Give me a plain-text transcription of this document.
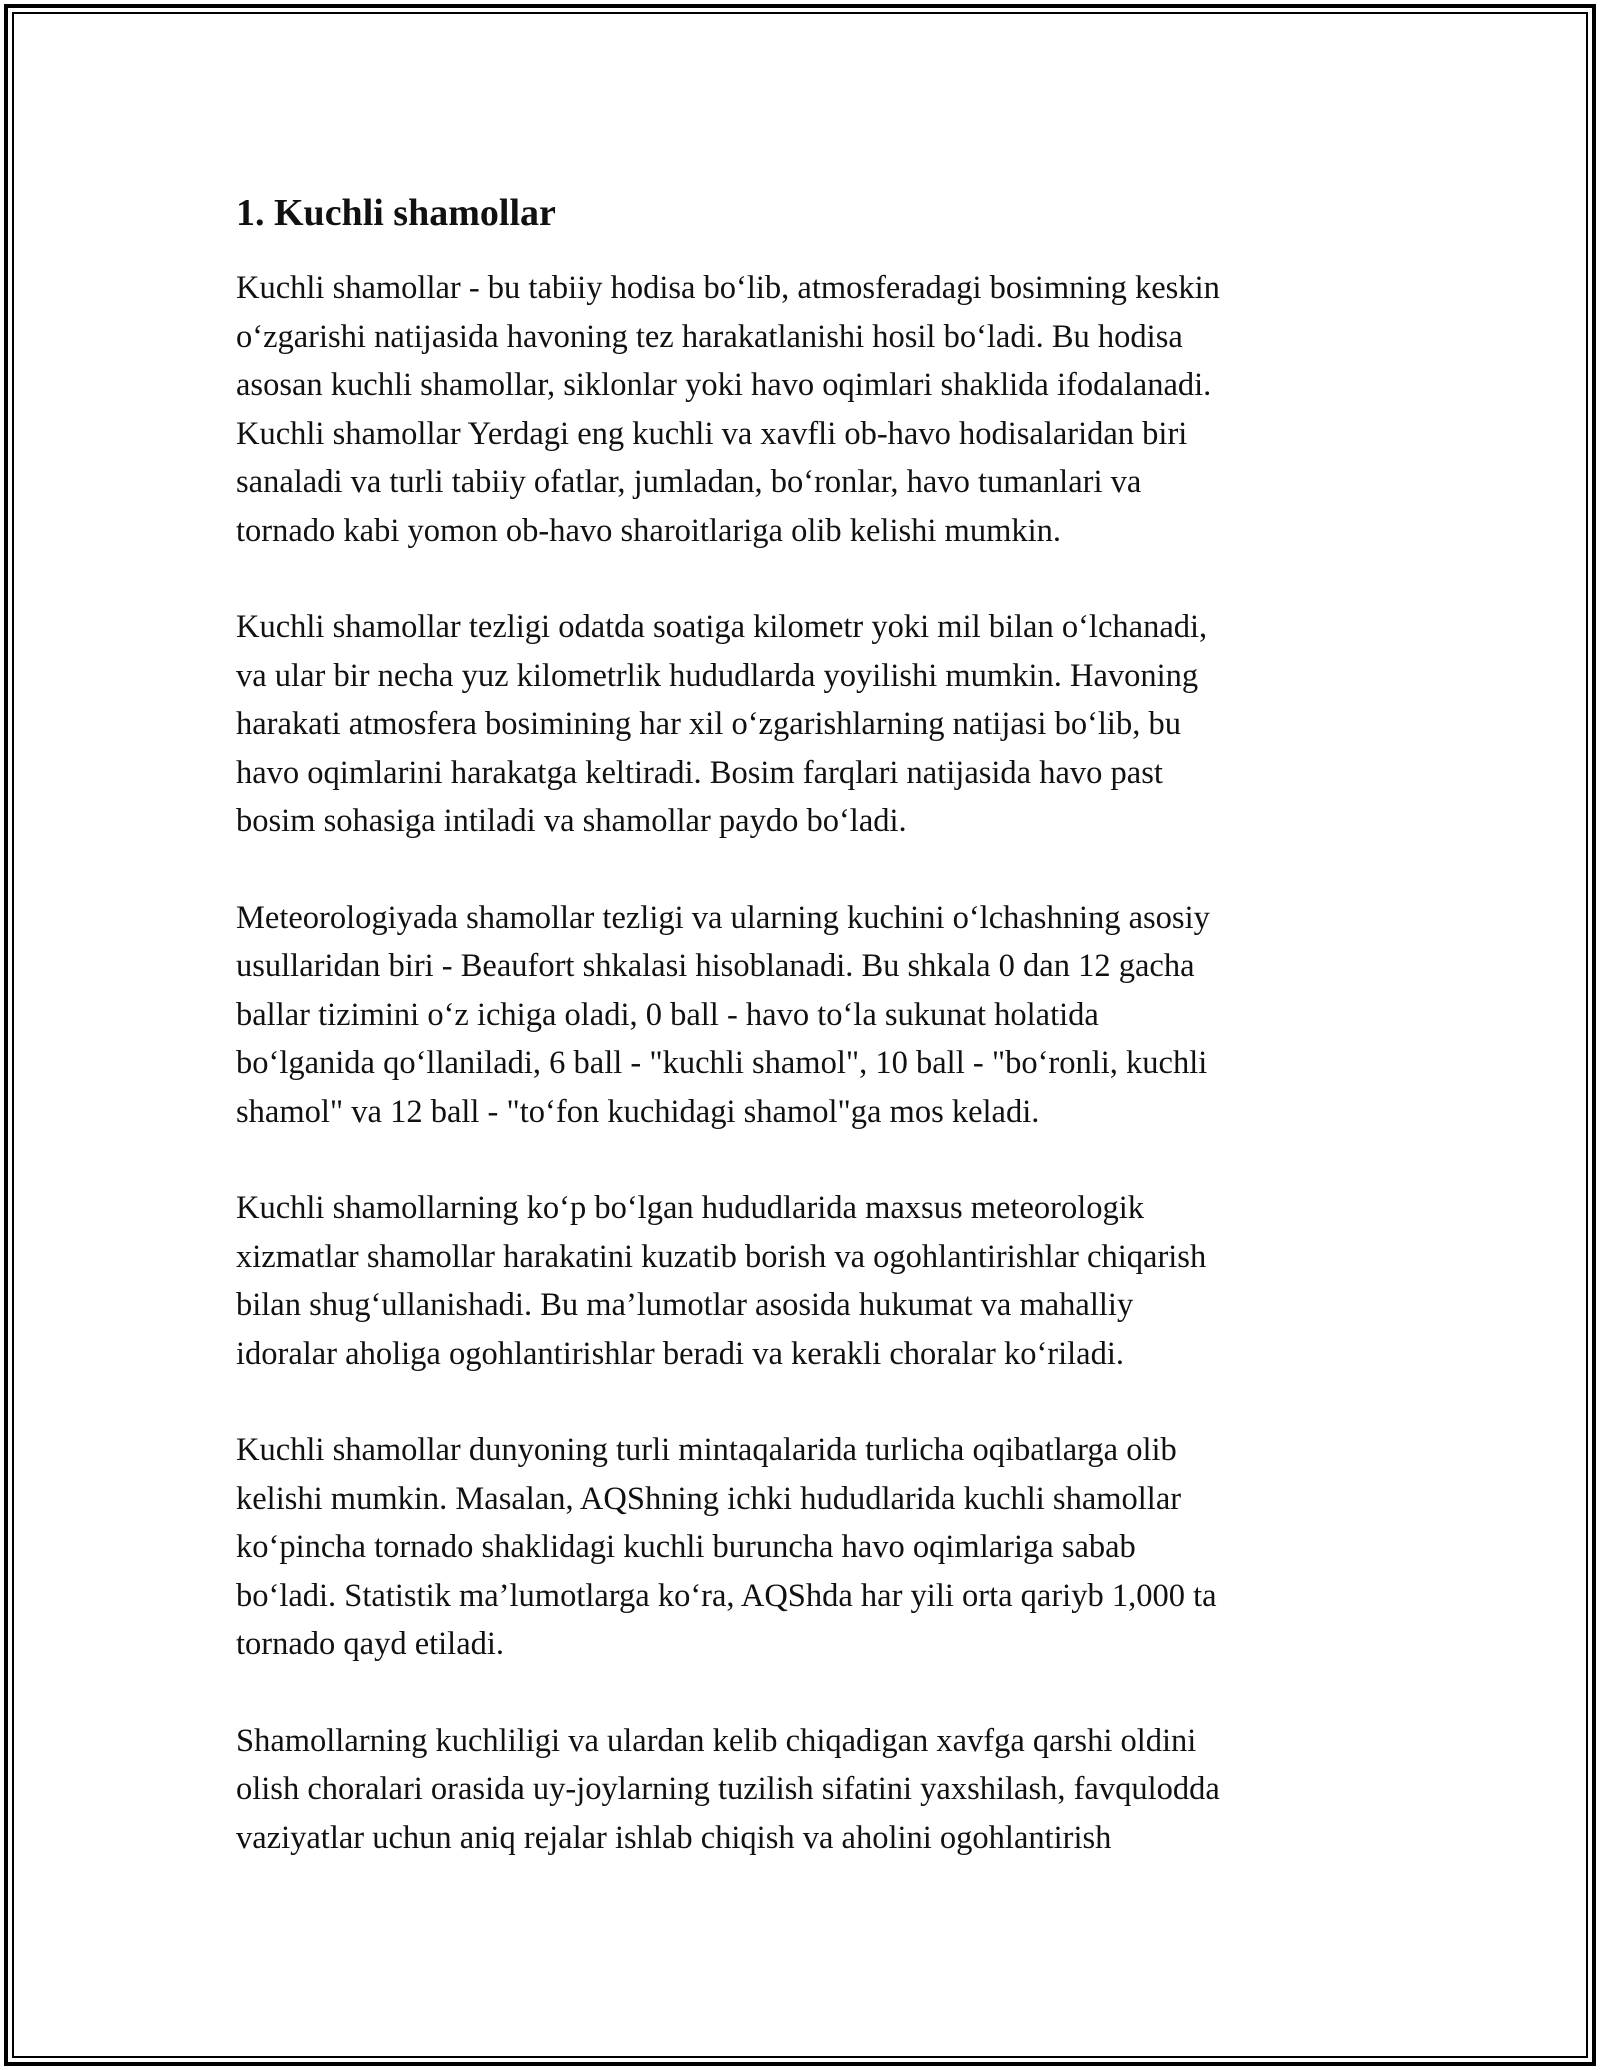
1. Kuchli shamollar

Kuchli shamollar - bu tabiiy hodisa bo‘lib, atmosferadagi bosimning keskin
o‘zgarishi natijasida havoning tez harakatlanishi hosil bo‘ladi. Bu hodisa
asosan kuchli shamollar, siklonlar yoki havo oqimlari shaklida ifodalanadi.
Kuchli shamollar Yerdagi eng kuchli va xavfli ob-havo hodisalaridan biri
sanaladi va turli tabiiy ofatlar, jumladan, bo‘ronlar, havo tumanlari va
tornado kabi yomon ob-havo sharoitlariga olib kelishi mumkin.

Kuchli shamollar tezligi odatda soatiga kilometr yoki mil bilan o‘lchanadi,
va ular bir necha yuz kilometrlik hududlarda yoyilishi mumkin. Havoning
harakati atmosfera bosimining har xil o‘zgarishlarning natijasi bo‘lib, bu
havo oqimlarini harakatga keltiradi. Bosim farqlari natijasida havo past
bosim sohasiga intiladi va shamollar paydo bo‘ladi.

Meteorologiyada shamollar tezligi va ularning kuchini o‘lchashning asosiy
usullaridan biri - Beaufort shkalasi hisoblanadi. Bu shkala 0 dan 12 gacha
ballar tizimini o‘z ichiga oladi, 0 ball - havo to‘la sukunat holatida
bo‘lganida qo‘llaniladi, 6 ball - "kuchli shamol", 10 ball - "bo‘ronli, kuchli
shamol" va 12 ball - "to‘fon kuchidagi shamol"ga mos keladi.

Kuchli shamollarning ko‘p bo‘lgan hududlarida maxsus meteorologik
xizmatlar shamollar harakatini kuzatib borish va ogohlantirishlar chiqarish
bilan shug‘ullanishadi. Bu ma’lumotlar asosida hukumat va mahalliy
idoralar aholiga ogohlantirishlar beradi va kerakli choralar ko‘riladi.

Kuchli shamollar dunyoning turli mintaqalarida turlicha oqibatlarga olib
kelishi mumkin. Masalan, AQShning ichki hududlarida kuchli shamollar
ko‘pincha tornado shaklidagi kuchli buruncha havo oqimlariga sabab
bo‘ladi. Statistik ma’lumotlarga ko‘ra, AQShda har yili orta qariyb 1,000 ta
tornado qayd etiladi.

Shamollarning kuchliligi va ulardan kelib chiqadigan xavfga qarshi oldini
olish choralari orasida uy-joylarning tuzilish sifatini yaxshilash, favqulodda
vaziyatlar uchun aniq rejalar ishlab chiqish va aholini ogohlantirish
